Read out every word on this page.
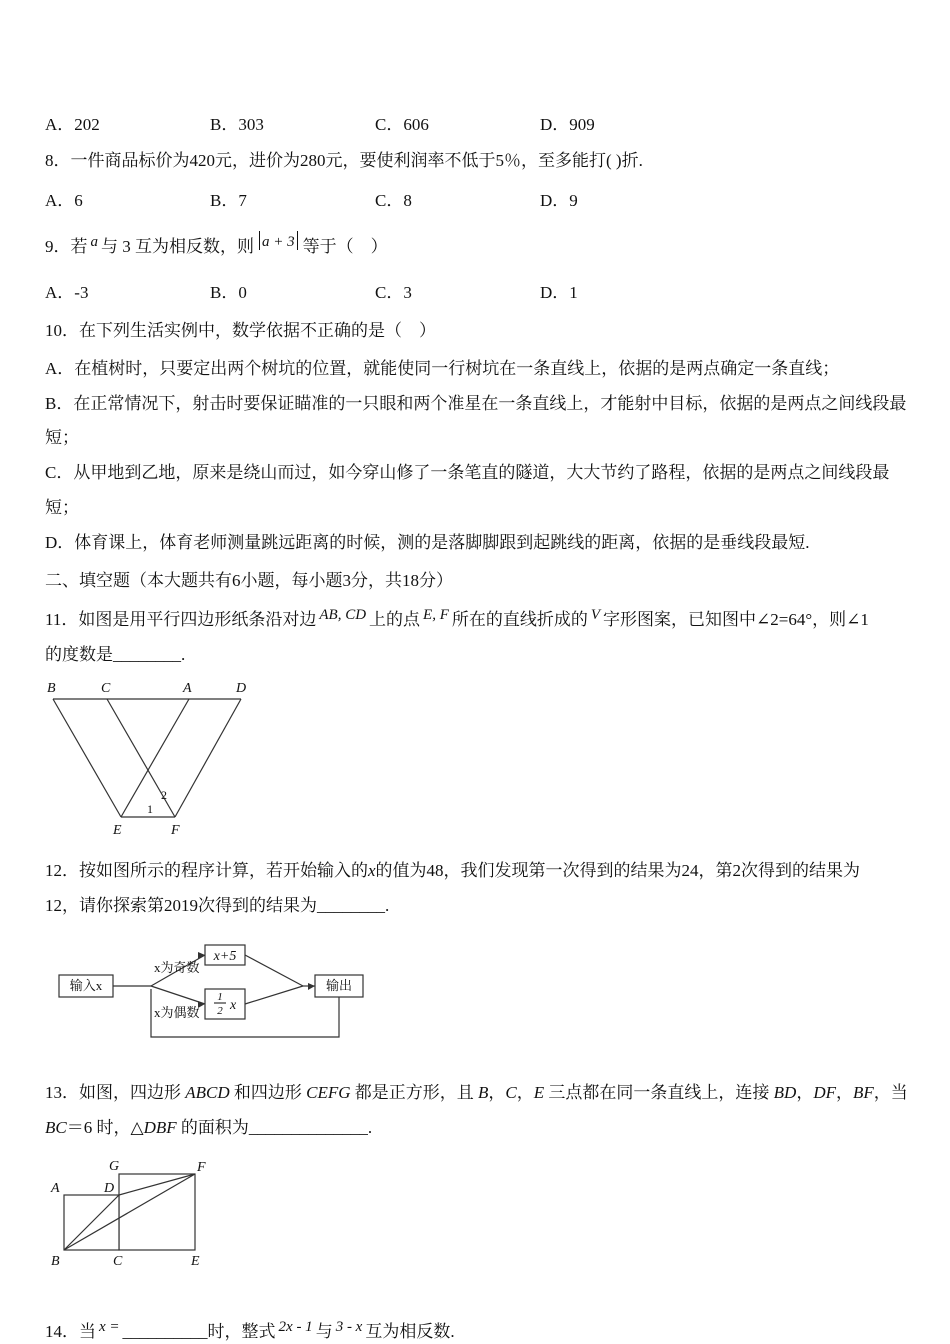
A．202	B．303	C．606	D．909
8．一件商品标价为420元，进价为280元，要使利润率不低于5％，至多能打( )折.
A．6	B．7	C．8	D．9
9．若 a 与 3 互为相反数，则 a + 3 等于（　）
A．-3	B．0	C．3	D．1
10．在下列生活实例中，数学依据不正确的是（　）

A．在植树时，只要定出两个树坑的位置，就能使同一行树坑在一条直线上，依据的是两点确定一条直线；

B．在正常情况下，射击时要保证瞄准的一只眼和两个准星在一条直线上，才能射中目标，依据的是两点之间线段最短；

C．从甲地到乙地，原来是绕山而过，如今穿山修了一条笔直的隧道，大大节约了路程，依据的是两点之间线段最短；

D．体育课上，体育老师测量跳远距离的时候，测的是落脚脚跟到起跳线的距离，依据的是垂线段最短.

二、填空题（本大题共有6小题，每小题3分，共18分）
11．如图是用平行四边形纸条沿对边 AB, CD 上的点 E, F 所在的直线折成的 V 字形图案，已知图中∠2=64°，则∠1
的度数是________.
B	C	A	D
E	F
1
2
12．按如图所示的程序计算，若开始输入的x的值为48，我们发现第一次得到的结果为24，第2次得到的结果为
12，请你探索第2019次得到的结果为________.
输入x
x为奇数
x为偶数
x+5
1
2 x
输出
13．如图，四边形 ABCD 和四边形 CEFG 都是正方形，且 B，C，E 三点都在同一条直线上，连接 BD，DF，BF，当
BC＝6 时，△DBF 的面积为______________.
A	D
G	F
B	C	E
14．当 x = __________时，整式 2x - 1 与 3 - x 互为相反数.
